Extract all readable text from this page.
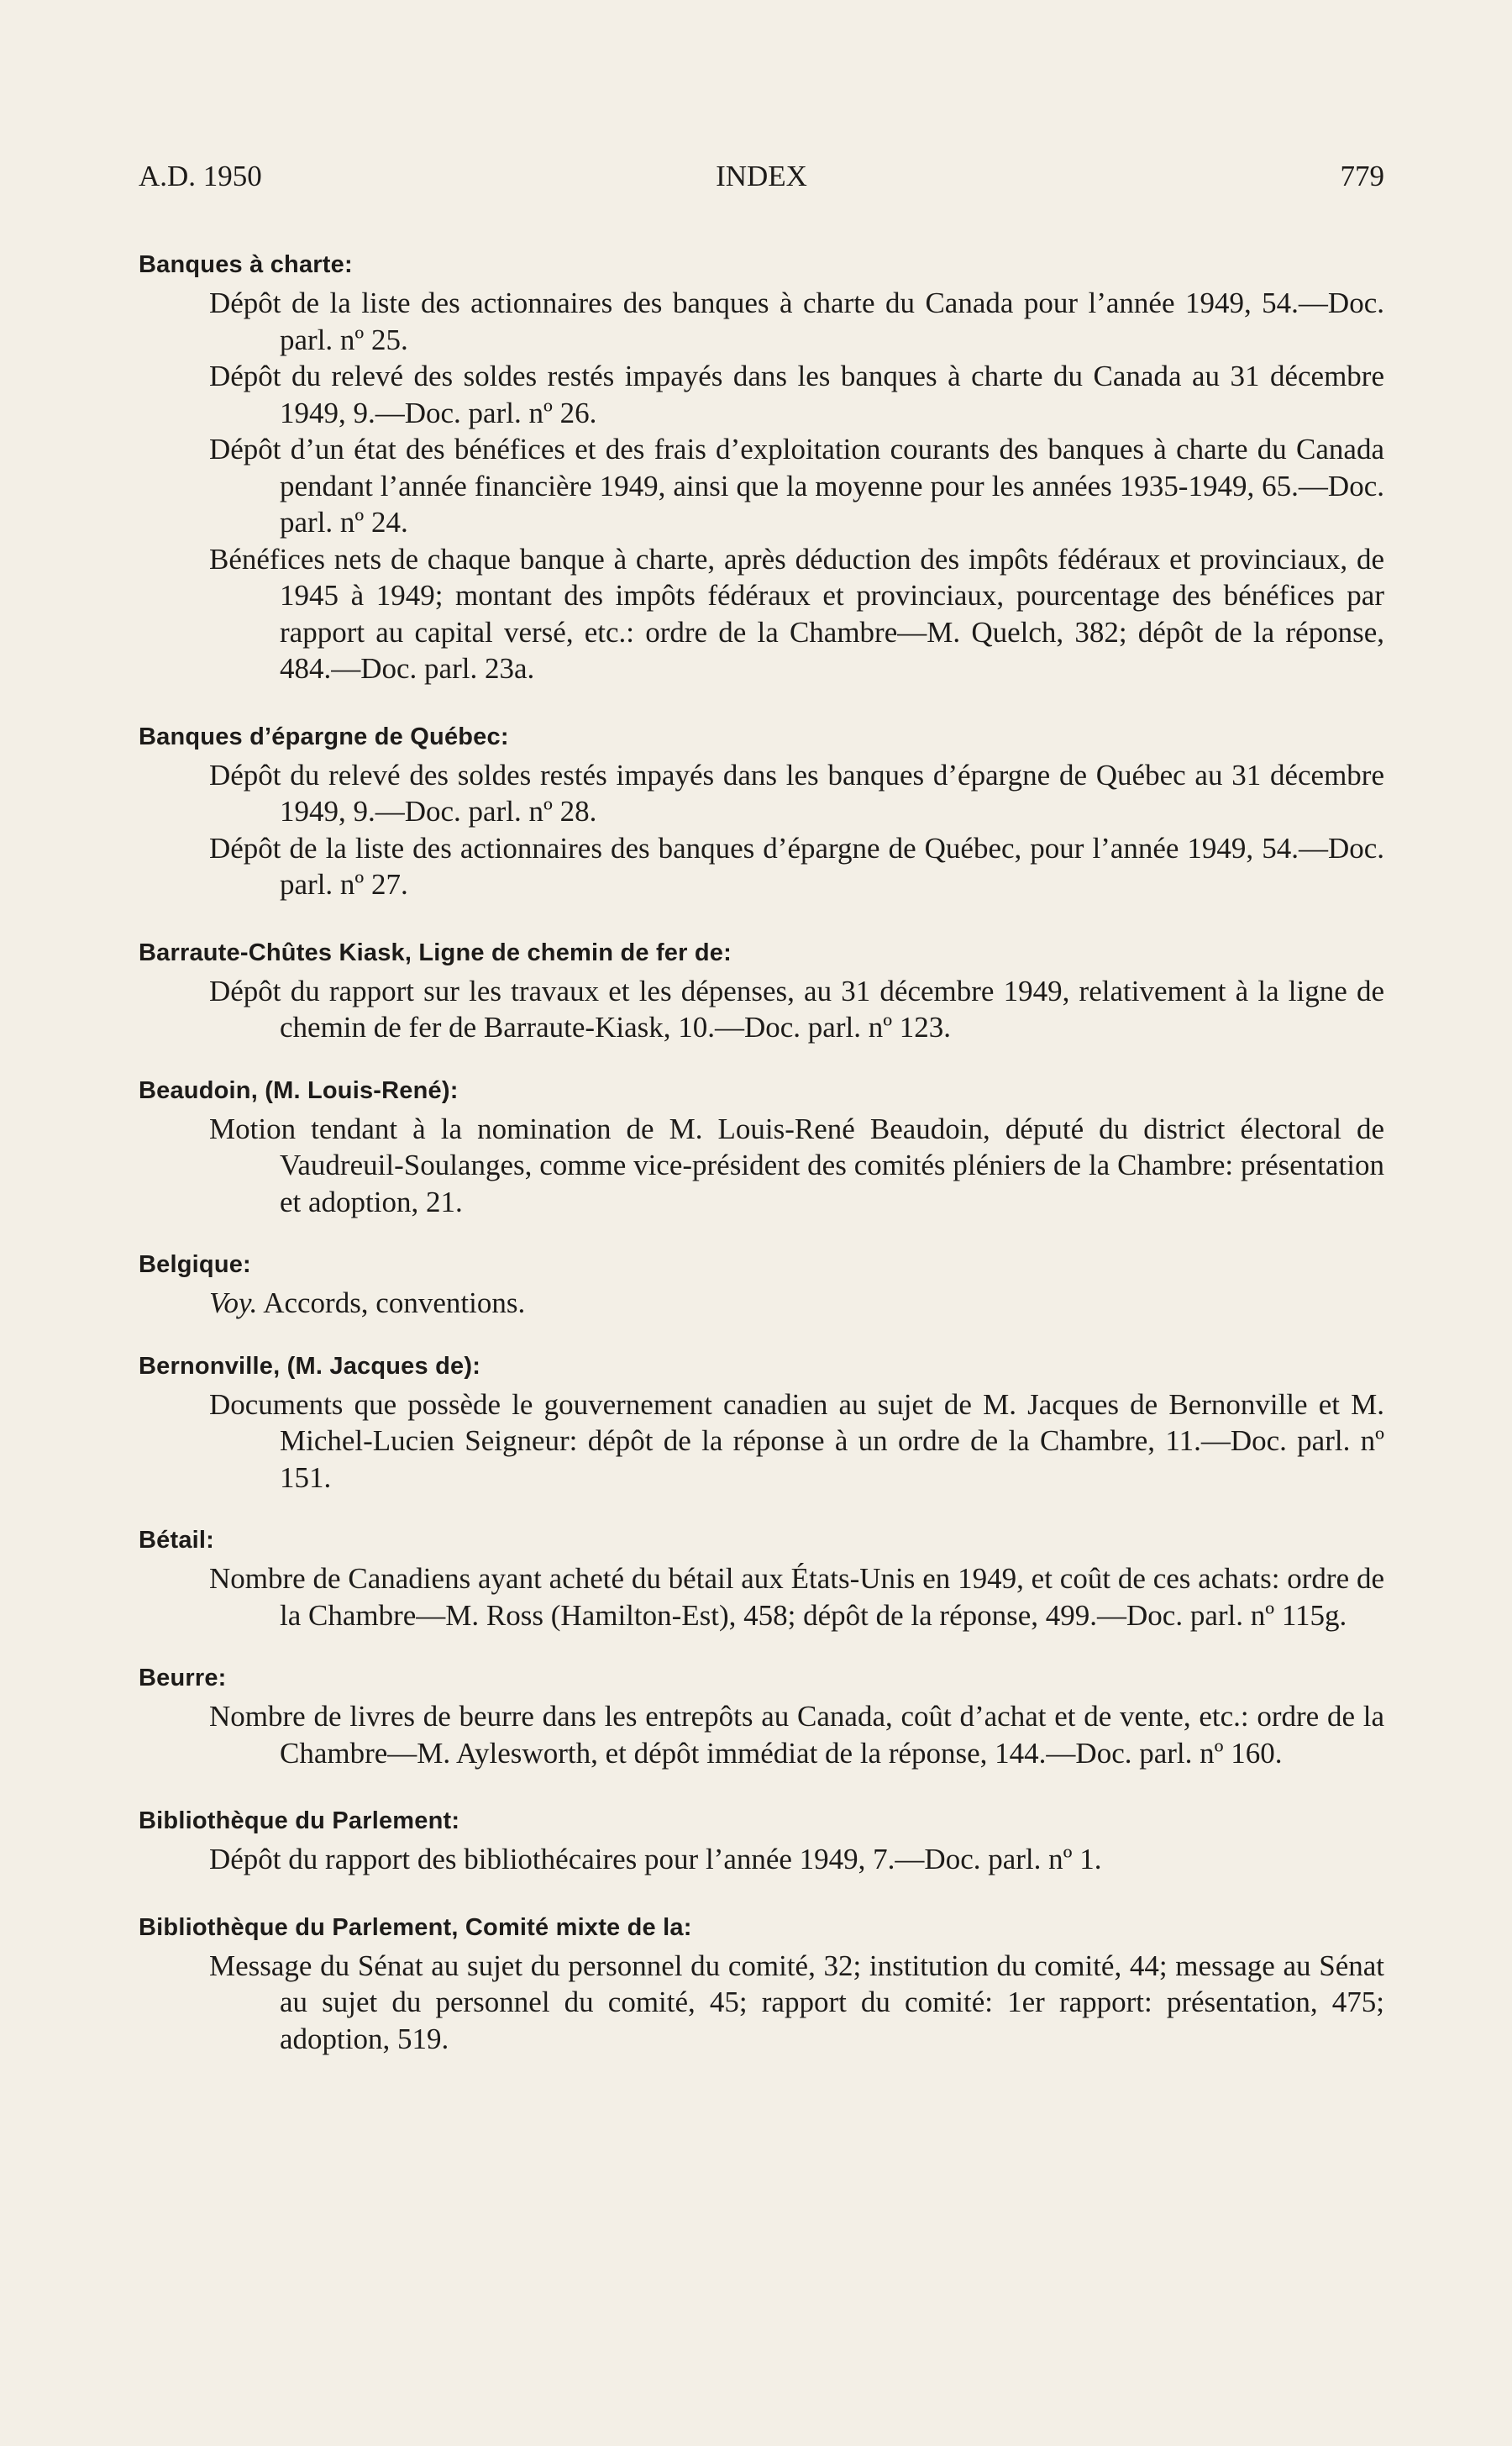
A.D. 1950	INDEX	779
Banques à charte:

Dépôt de la liste des actionnaires des banques à charte du Canada pour l’année 1949, 54.—Doc. parl. nº 25.

Dépôt du relevé des soldes restés impayés dans les banques à charte du Canada au 31 décembre 1949, 9.—Doc. parl. nº 26.

Dépôt d’un état des bénéfices et des frais d’exploitation courants des banques à charte du Canada pendant l’année financière 1949, ainsi que la moyenne pour les années 1935-1949, 65.—Doc. parl. nº 24.

Bénéfices nets de chaque banque à charte, après déduction des impôts fédéraux et provinciaux, de 1945 à 1949; montant des impôts fédéraux et provinciaux, pourcentage des bénéfices par rapport au capital versé, etc.: ordre de la Chambre—M. Quelch, 382; dépôt de la réponse, 484.—Doc. parl. 23a.

Banques d’épargne de Québec:

Dépôt du relevé des soldes restés impayés dans les banques d’épargne de Québec au 31 décembre 1949, 9.—Doc. parl. nº 28.

Dépôt de la liste des actionnaires des banques d’épargne de Québec, pour l’année 1949, 54.—Doc. parl. nº 27.

Barraute-Chûtes Kiask, Ligne de chemin de fer de:

Dépôt du rapport sur les travaux et les dépenses, au 31 décembre 1949, relativement à la ligne de chemin de fer de Barraute-Kiask, 10.—Doc. parl. nº 123.

Beaudoin, (M. Louis-René):

Motion tendant à la nomination de M. Louis-René Beaudoin, député du district électoral de Vaudreuil-Soulanges, comme vice-président des comités pléniers de la Chambre: présentation et adoption, 21.

Belgique:

Voy. Accords, conventions.

Bernonville, (M. Jacques de):

Documents que possède le gouvernement canadien au sujet de M. Jacques de Bernonville et M. Michel-Lucien Seigneur: dépôt de la réponse à un ordre de la Chambre, 11.—Doc. parl. nº 151.

Bétail:

Nombre de Canadiens ayant acheté du bétail aux États-Unis en 1949, et coût de ces achats: ordre de la Chambre—M. Ross (Hamilton-Est), 458; dépôt de la réponse, 499.—Doc. parl. nº 115g.

Beurre:

Nombre de livres de beurre dans les entrepôts au Canada, coût d’achat et de vente, etc.: ordre de la Chambre—M. Aylesworth, et dépôt immédiat de la réponse, 144.—Doc. parl. nº 160.

Bibliothèque du Parlement:

Dépôt du rapport des bibliothécaires pour l’année 1949, 7.—Doc. parl. nº 1.

Bibliothèque du Parlement, Comité mixte de la:

Message du Sénat au sujet du personnel du comité, 32; institution du comité, 44; message au Sénat au sujet du personnel du comité, 45; rapport du comité: 1er rapport: présentation, 475; adoption, 519.
